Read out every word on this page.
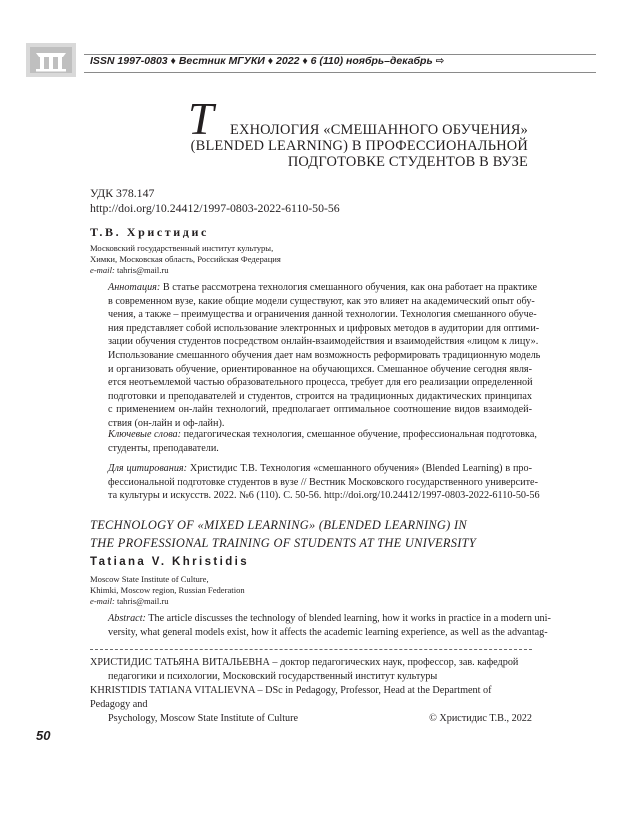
ISSN 1997-0803 ♦ Вестник МГУКИ ♦ 2022 ♦ 6 (110) ноябрь–декабрь ⇨
Т ЕХНОЛОГИЯ «СМЕШАННОГО ОБУЧЕНИЯ»
(BLENDED LEARNING) В ПРОФЕССИОНАЛЬНОЙ
ПОДГОТОВКЕ СТУДЕНТОВ В ВУЗЕ
УДК 378.147
http://doi.org/10.24412/1997-0803-2022-6110-50-56
Т.В. Христидис
Московский государственный институт культуры,
Химки, Московская область, Российская Федерация
e-mail: tahris@mail.ru
Аннотация: В статье рассмотрена технология смешанного обучения, как она работает на практике
в современном вузе, какие общие модели существуют, как это влияет на академический опыт обу-
чения, а также – преимущества и ограничения данной технологии. Технология смешанного обуче-
ния представляет собой использование электронных и цифровых методов в аудитории для оптими-
зации обучения студентов посредством онлайн-взаимодействия и взаимодействия «лицом к лицу».
Использование смешанного обучения дает нам возможность реформировать традиционную модель
и организовать обучение, ориентированное на обучающихся. Смешанное обучение сегодня явля-
ется неотъемлемой частью образовательного процесса, требует для его реализации определенной
подготовки и преподавателей и студентов, строится на традиционных дидактических принципах
с применением он-лайн технологий, предполагает оптимальное соотношение видов взаимодей-
ствия (он-лайн и оф-лайн).
Ключевые слова: педагогическая технология, смешанное обучение, профессиональная подготовка,
студенты, преподаватели.
Для цитирования: Христидис Т.В. Технология «смешанного обучения» (Blended Learning) в про-
фессиональной подготовке студентов в вузе // Вестник Московского государственного университе-
та культуры и искусств. 2022. №6 (110). С. 50-56. http://doi.org/10.24412/1997-0803-2022-6110-50-56
TECHNOLOGY OF «MIXED LEARNING» (BLENDED LEARNING) IN
THE PROFESSIONAL TRAINING OF STUDENTS AT THE UNIVERSITY
Tatiana V. Khristidis
Moscow State Institute of Culture,
Khimki, Moscow region, Russian Federation
e-mail: tahris@mail.ru
Abstract: The article discusses the technology of blended learning, how it works in practice in a modern uni-
versity, what general models exist, how it affects the academic learning experience, as well as the advantag-
ХРИСТИДИС ТАТЬЯНА ВИТАЛЬЕВНА – доктор педагогических наук, профессор, зав. кафедрой
педагогики и психологии, Московский государственный институт культуры
KHRISTIDIS TATIANA VITALIEVNA – DSc in Pedagogy, Professor, Head at the Department of Pedagogy and
Psychology, Moscow State Institute of Culture	© Христидис Т.В., 2022
50
